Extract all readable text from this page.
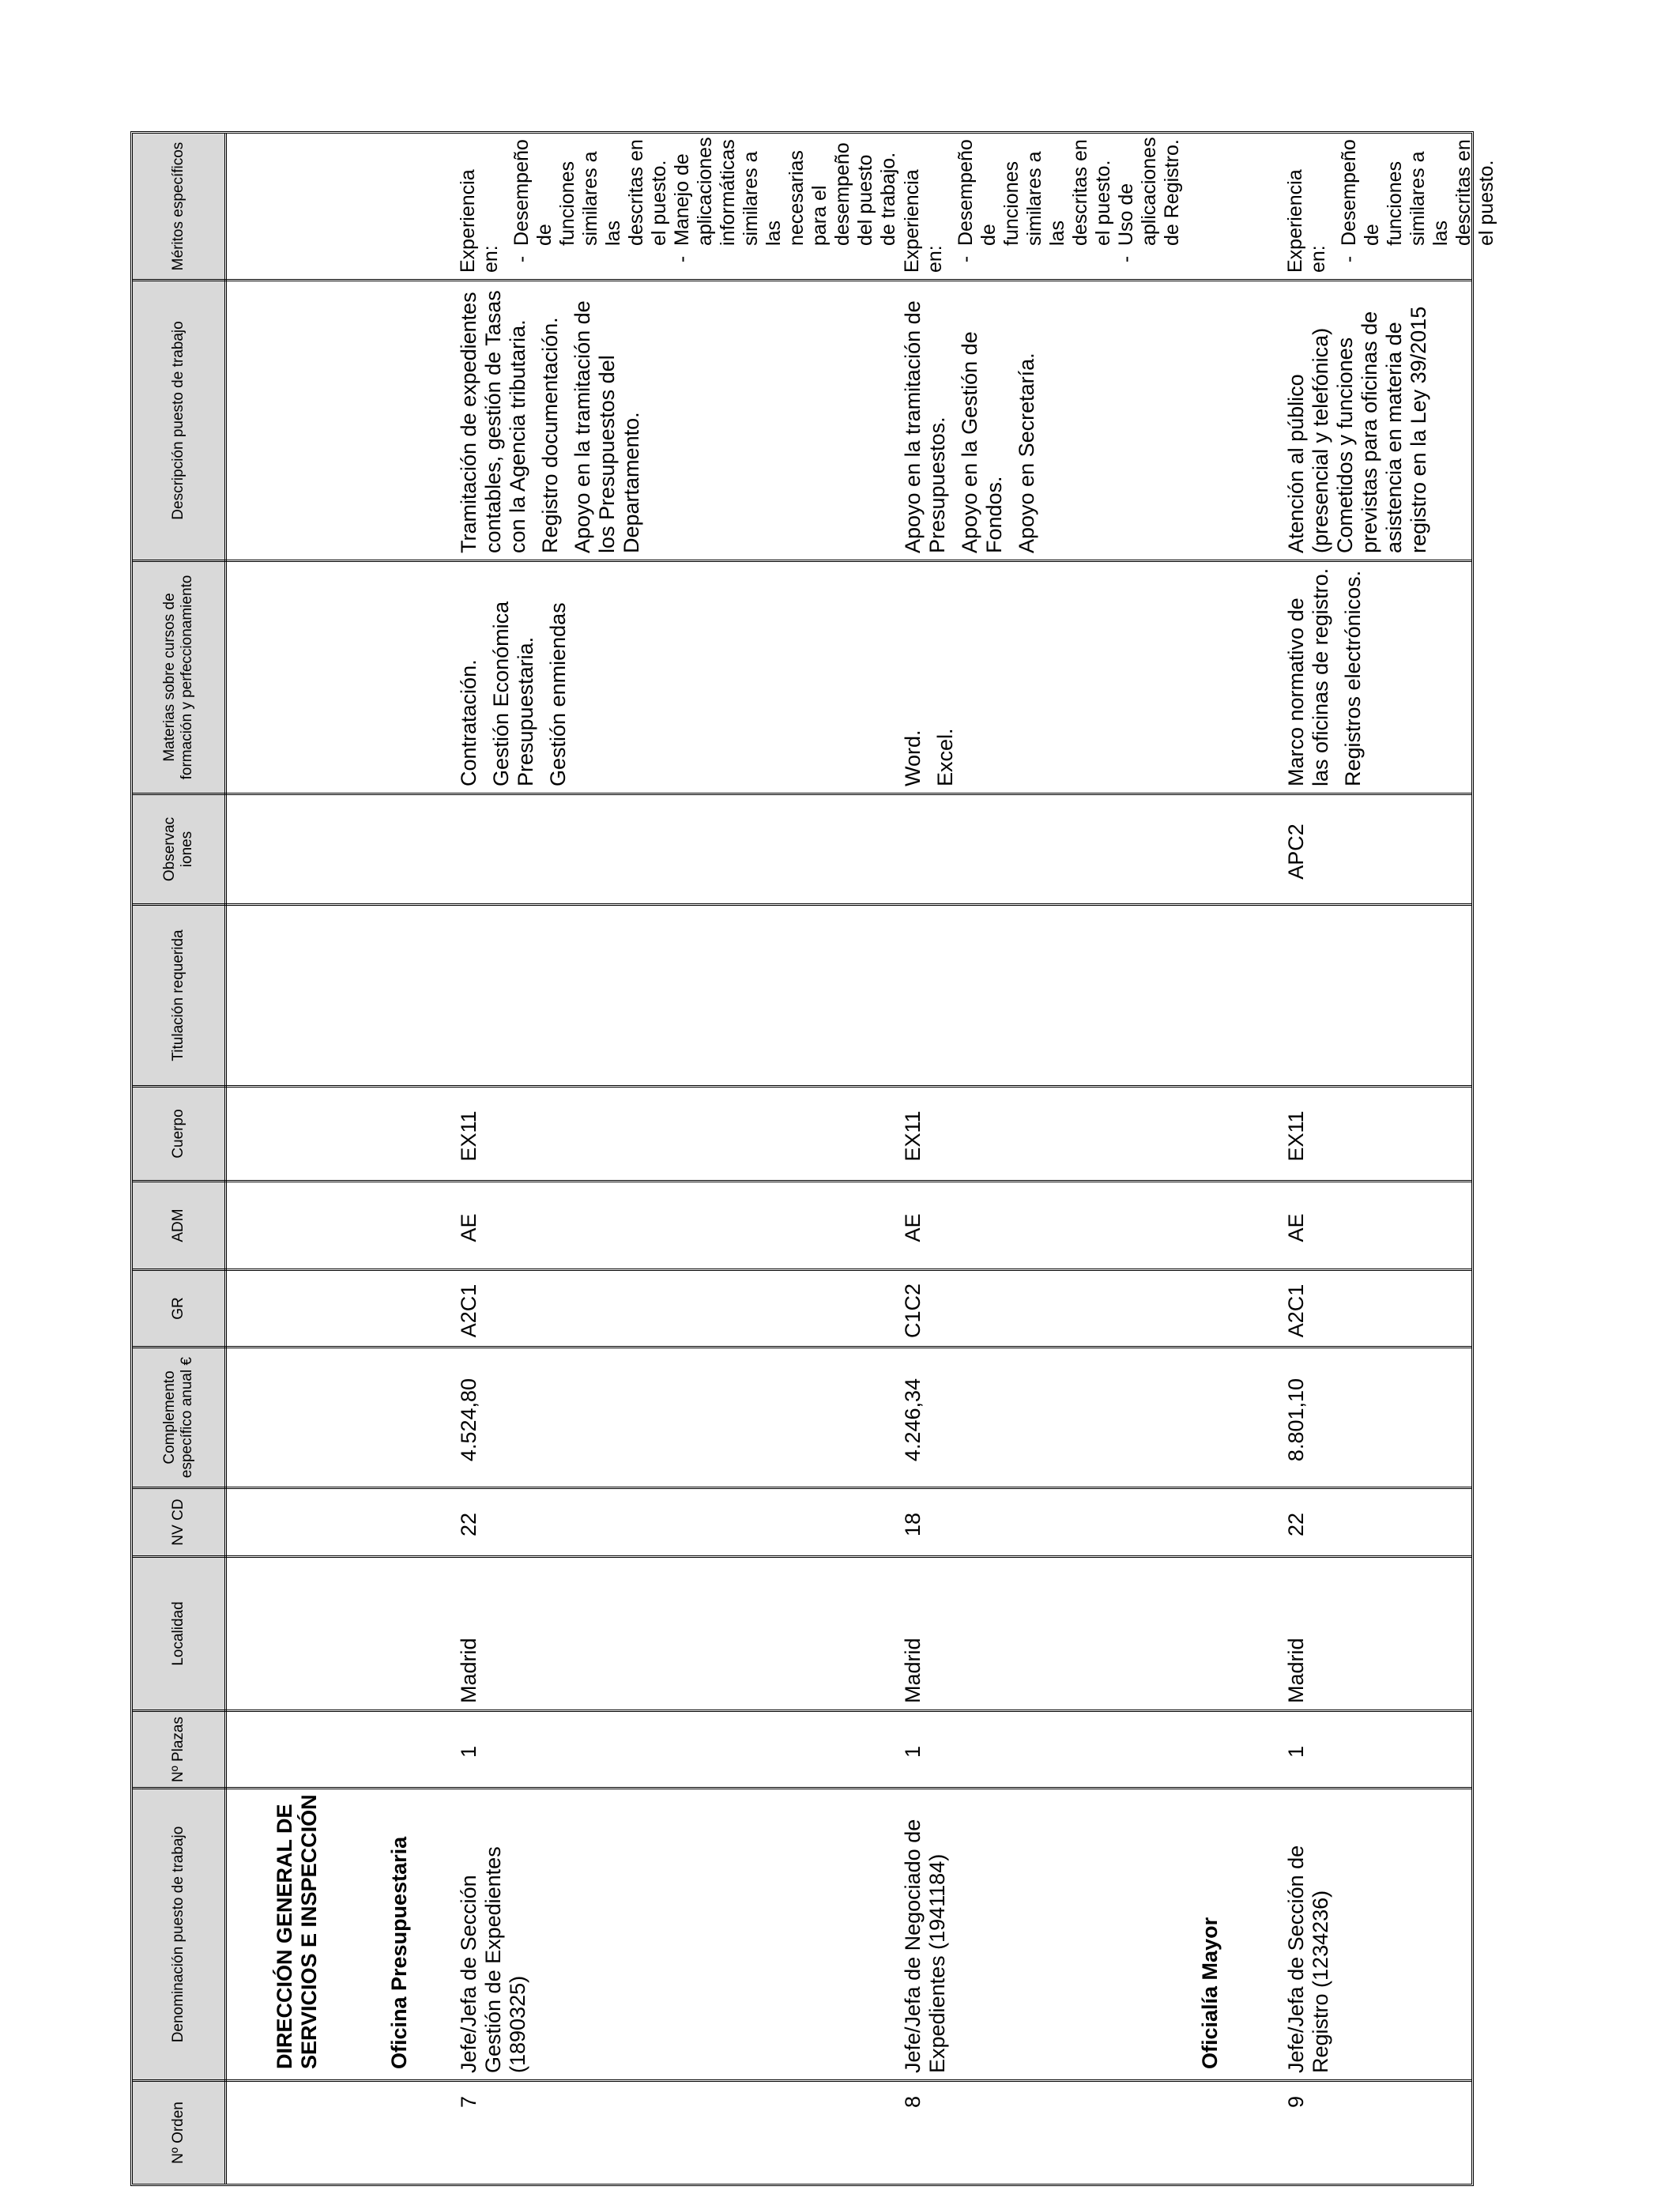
Nº Orden
Denominación puesto de trabajo
Nº Plazas
Localidad
NV CD
Complemento específico anual €
GR
ADM
Cuerpo
Titulación requerida
Observac iones
Materias sobre cursos de formación y perfeccionamiento
Descripción puesto de trabajo
Méritos específicos
DIRECCIÓN GENERAL DE SERVICIOS E INSPECCIÓN	Oficina Presupuestaria	Oficialía Mayor
7
Jefe/Jefa de Sección Gestión de Expedientes (1890325)
1
Madrid
22
4.524,80
A2C1
AE
EX11

Contratación. Gestión Económica Presupuestaria. Gestión enmiendas

Tramitación de expedientes contables, gestión de Tasas con la Agencia tributaria. Registro documentación. Apoyo en la tramitación de los Presupuestos del Departamento.

Experiencia en: -
Desempeño de funciones similares a las descritas en el puesto.
-
Manejo de aplicaciones informáticas similares a las necesarias para el desempeño del puesto de trabajo.
8
Jefe/Jefa de Negociado de Expedientes (1941184)
1
Madrid
18
4.246,34
C1C2
AE
EX11

Word. Excel.

Apoyo en la tramitación de Presupuestos. Apoyo en la Gestión de Fondos. Apoyo en Secretaría.

Experiencia en: -
Desempeño de funciones similares a las descritas en el puesto.
-
Uso de aplicaciones de Registro.
9
Jefe/Jefa de Sección de Registro (1234236)
1
Madrid
22
8.801,10
A2C1
AE
EX11
APC2

Marco normativo de las oficinas de registro. Registros electrónicos.

Atención al público (presencial y telefónica) Cometidos y funciones previstas para oficinas de asistencia en materia de registro en la Ley 39/2015

Experiencia en: -
Desempeño de funciones similares a las descritas en el puesto.
